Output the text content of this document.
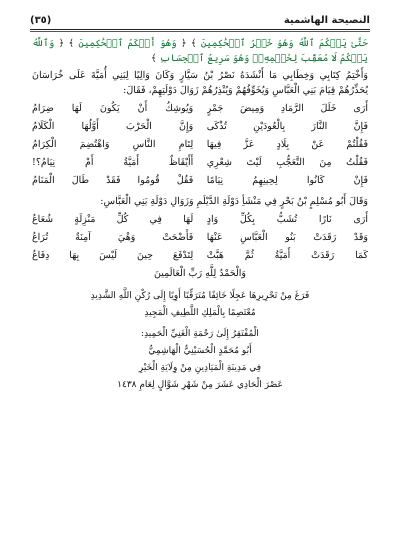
النصيحة الهاشمية
(٣٥)

حَتَّىٰ يَحۡكُمَ ٱللَّهُ وَهُوَ خَيۡرُ ٱلۡحَٰكِمِينَ ﴾ ﴿ وَهُوَ أَحۡكَمُ ٱلۡحَٰكِمِينَ ﴾ ﴿ وَٱللَّهُ يَحۡكُمُ لَا مُعَقِّبَ لِحُكۡمِهِۦۚ وَهُوَ سَرِيعُ ٱلۡحِسَابِ ﴾

وَأَخْتِمُ كِتَابِي وَخِطَابِي مَا أَنْشَدَهُ نَصْرُ بْنُ سَيَّارٍ وَكَانَ وَالِيًا لِبَنِي أُمَيَّةَ عَلَى خُرَاسَانَ يُحَذِّرُهُمْ قِيَامَ بَنِي الْعَبَّاسِ وَيُخَوِّفُهُمْ وَيُنْذِرُهُمْ زَوَالَ دَوْلَتِهِمْ، فَقَالَ:

أَرَى خَلَلَ الرَّمَادِ وَمِيضَ جَمْرٍ
وَيُوشِكُ أَنْ يَكُونَ لَهَا ضِرَامُ
فَإِنَّ النَّارَ بِالْعُودَيْنِ تُذْكَى
وَإِنَّ الْحَرْبَ أَوَّلُهَا الْكَلَامُ
فَقُلْتُمْ عَنْ بِلَادٍ عَزَّ فِيهَا
لِتَامِ النَّاسِ وَاهْتُضِمَ الْكِرَامُ
فَقُلْتُ مِنَ التَّعَجُّبِ لَيْتَ شِعْرِي
أَأَيْقَاظٌ أُمَيَّةُ أَمْ نِيَامُ؟!
فَإِنْ كَانُوا لِحِينِهِمُ نِيَامًا
فَقُلْ قُومُوا فَقَدْ طَالَ الْمَنَامُ

وَقَالَ أَبُو مُسْلِمٍ بْنُ بَحْرٍ فِي مَنْشَأِ دَوْلَةِ الدَّيْلَمِ وَزَوَالِ دَوْلَةِ بَنِي الْعَبَّاسِ:

أَرَى نَارًا تُشَبُّ بِكُلِّ وَادٍ
لَهَا فِي كُلِّ مَنْزِلَةٍ شُعَاعُ
وَقَدْ رَقَدَتْ بَنُو الْعَبَّاسِ عَنْهَا
فَأَضْحَتْ وَهْيَ آمِنَةٌ تُرَاعُ
كَمَا رَقَدَتْ أُمَيَّةُ ثُمَّ هَبَّتْ
لِتَدْفَعَ حِينَ لَيْسَ بِهَا دِفَاعُ
وَالْحَمْدُ لِلَّهِ رَبِّ الْعَالَمِينَ
فَرَغَ مِنْ تَحْرِيرِهَا عَجِلًا خَائِفًا مُتَرَقِّبًا أَوِيًا إِلَى رُكْنِ اللَّهِ الشَّدِيدِ
مُعْتَصِمًا بِالْمَلِكِ اللَّطِيفِ الْمَجِيدِ
الْمُفْتَقِرُ إِلَىٰ رَحْمَةِ الْغَنِيِّ الْحَمِيدِ:
أَبُو مُحَمَّدٍ الْحُسَيْنِيُّ الْهَاشِمِيُّ
فِي مَدِينَةِ الْمَيَادِينِ مِنْ وِلَايَةِ الْخَيْرِ
عَصْرَ الْحَادِي عَشَرَ مِنْ شَهْرِ شَوَّالٍ لِعَامِ ١٤٣٨
